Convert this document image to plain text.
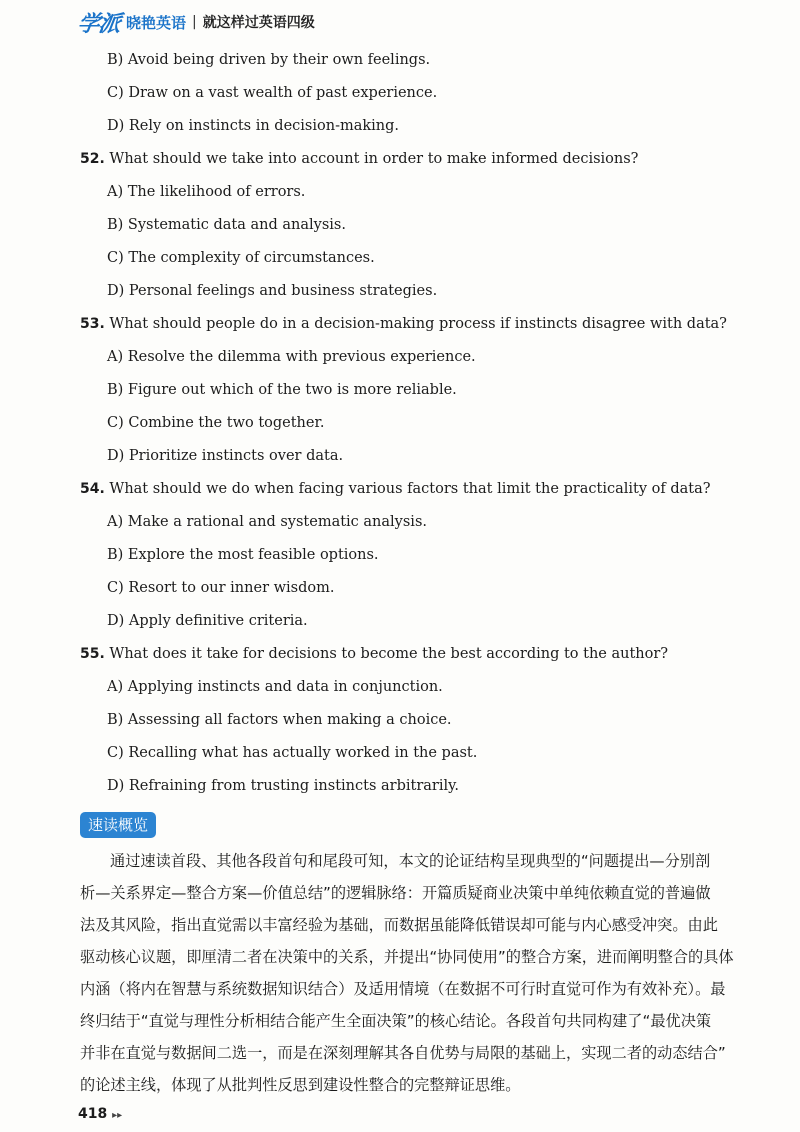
学派 晓艳英语 | 就这样过英语四级
B) Avoid being driven by their own feelings.
C) Draw on a vast wealth of past experience.
D) Rely on instincts in decision-making.
52. What should we take into account in order to make informed decisions?
A) The likelihood of errors.
B) Systematic data and analysis.
C) The complexity of circumstances.
D) Personal feelings and business strategies.
53. What should people do in a decision-making process if instincts disagree with data?
A) Resolve the dilemma with previous experience.
B) Figure out which of the two is more reliable.
C) Combine the two together.
D) Prioritize instincts over data.
54. What should we do when facing various factors that limit the practicality of data?
A) Make a rational and systematic analysis.
B) Explore the most feasible options.
C) Resort to our inner wisdom.
D) Apply definitive criteria.
55. What does it take for decisions to become the best according to the author?
A) Applying instincts and data in conjunction.
B) Assessing all factors when making a choice.
C) Recalling what has actually worked in the past.
D) Refraining from trusting instincts arbitrarily.
速读概览
通过速读首段、其他各段首句和尾段可知，本文的论证结构呈现典型的“问题提出—分别剖
析—关系界定—整合方案—价值总结”的逻辑脉络：开篇质疑商业决策中单纯依赖直觉的普遍做
法及其风险，指出直觉需以丰富经验为基础，而数据虽能降低错误却可能与内心感受冲突。由此
驱动核心议题，即厘清二者在决策中的关系，并提出“协同使用”的整合方案，进而阐明整合的具体
内涵（将内在智慧与系统数据知识结合）及适用情境（在数据不可行时直觉可作为有效补充）。最
终归结于“直觉与理性分析相结合能产生全面决策”的核心结论。各段首句共同构建了“最优决策
并非在直觉与数据间二选一，而是在深刻理解其各自优势与局限的基础上，实现二者的动态结合”
的论述主线，体现了从批判性反思到建设性整合的完整辩证思维。
418 ▸▸
